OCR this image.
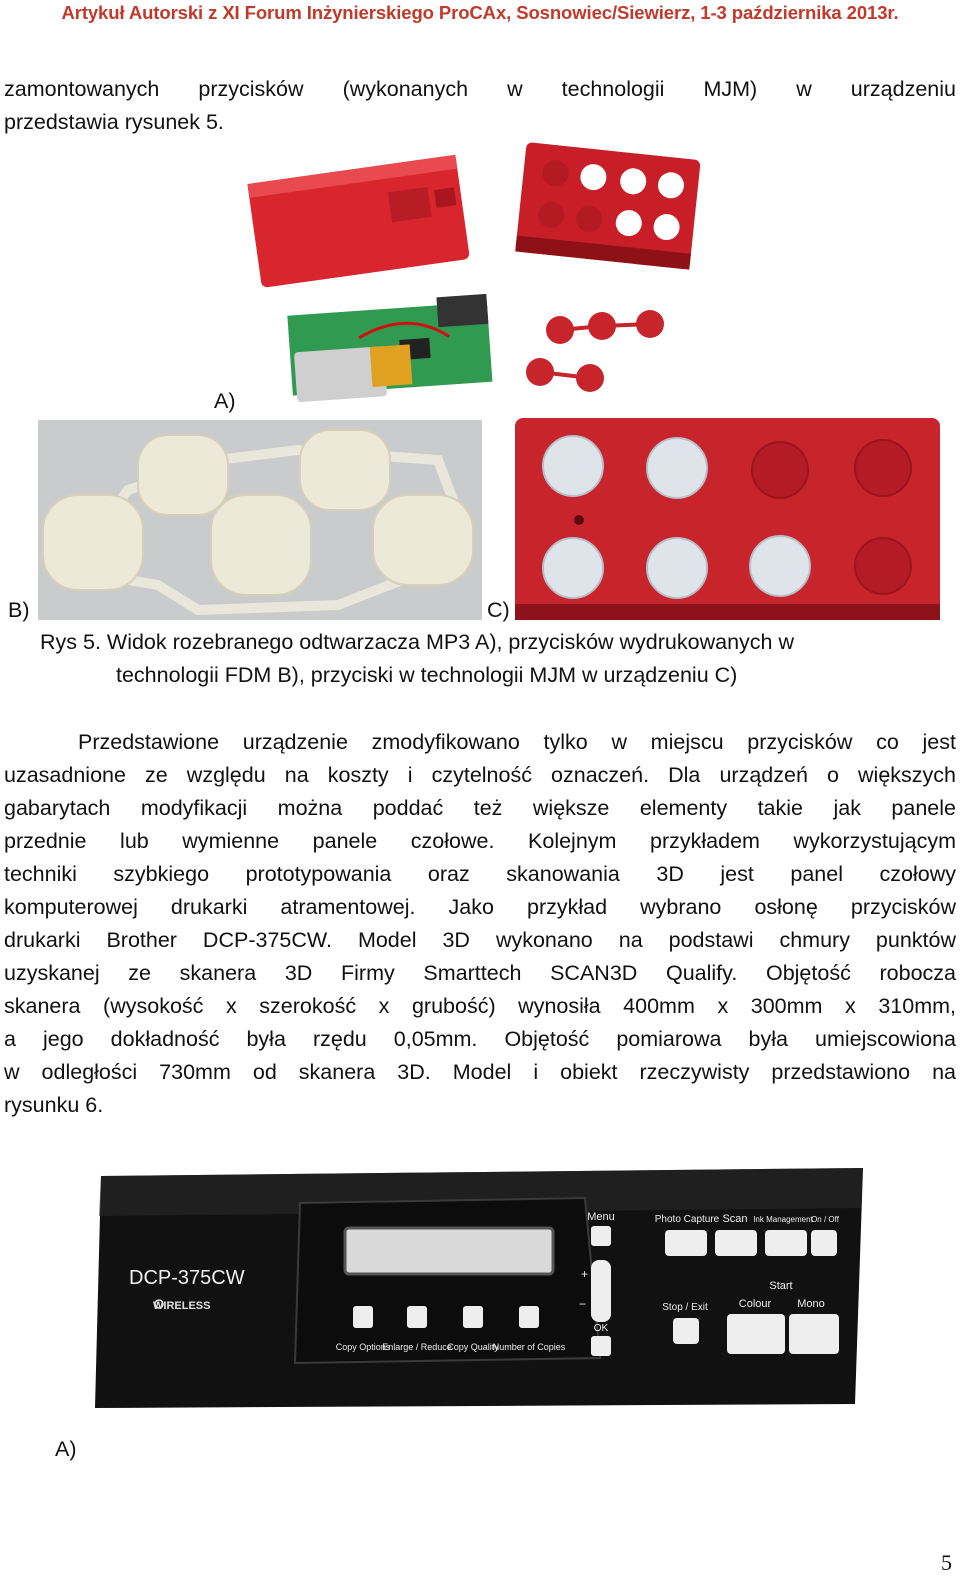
Artykuł Autorski z XI Forum Inżynierskiego ProCAx, Sosnowiec/Siewierz, 1-3 października 2013r.
zamontowanych przycisków (wykonanych w technologii MJM) w urządzeniu
przedstawia rysunek 5.
A)
B)	C)
Rys 5. Widok rozebranego odtwarzacza MP3 A), przycisków wydrukowanych w
technologii FDM B), przyciski w technologii MJM w urządzeniu C)
Przedstawione urządzenie zmodyfikowano tylko w miejscu przycisków co jest
uzasadnione ze względu na koszty i czytelność oznaczeń. Dla urządzeń o większych
gabarytach modyfikacji można poddać też większe elementy takie jak panele
przednie lub wymienne panele czołowe. Kolejnym przykładem wykorzystującym
techniki szybkiego prototypowania oraz skanowania 3D jest panel czołowy
komputerowej drukarki atramentowej. Jako przykład wybrano osłonę przycisków
drukarki Brother DCP-375CW. Model 3D wykonano na podstawi chmury punktów
uzyskanej ze skanera 3D Firmy Smarttech SCAN3D Qualify. Objętość robocza
skanera (wysokość x szerokość x grubość) wynosiła 400mm x 300mm x 310mm,
a jego dokładność była rzędu 0,05mm. Objętość pomiarowa była umiejscowiona
w odległości 730mm od skanera 3D. Model i obiekt rzeczywisty przedstawiono na
rysunku 6.
DCP-375CW
WIRELESS
Copy Options
Enlarge / Reduce
Copy Quality
Number of Copies
Menu
+
−
OK
Photo Capture Scan Ink Management
On / Off
Stop / Exit
Start
Colour Mono
A)
5
